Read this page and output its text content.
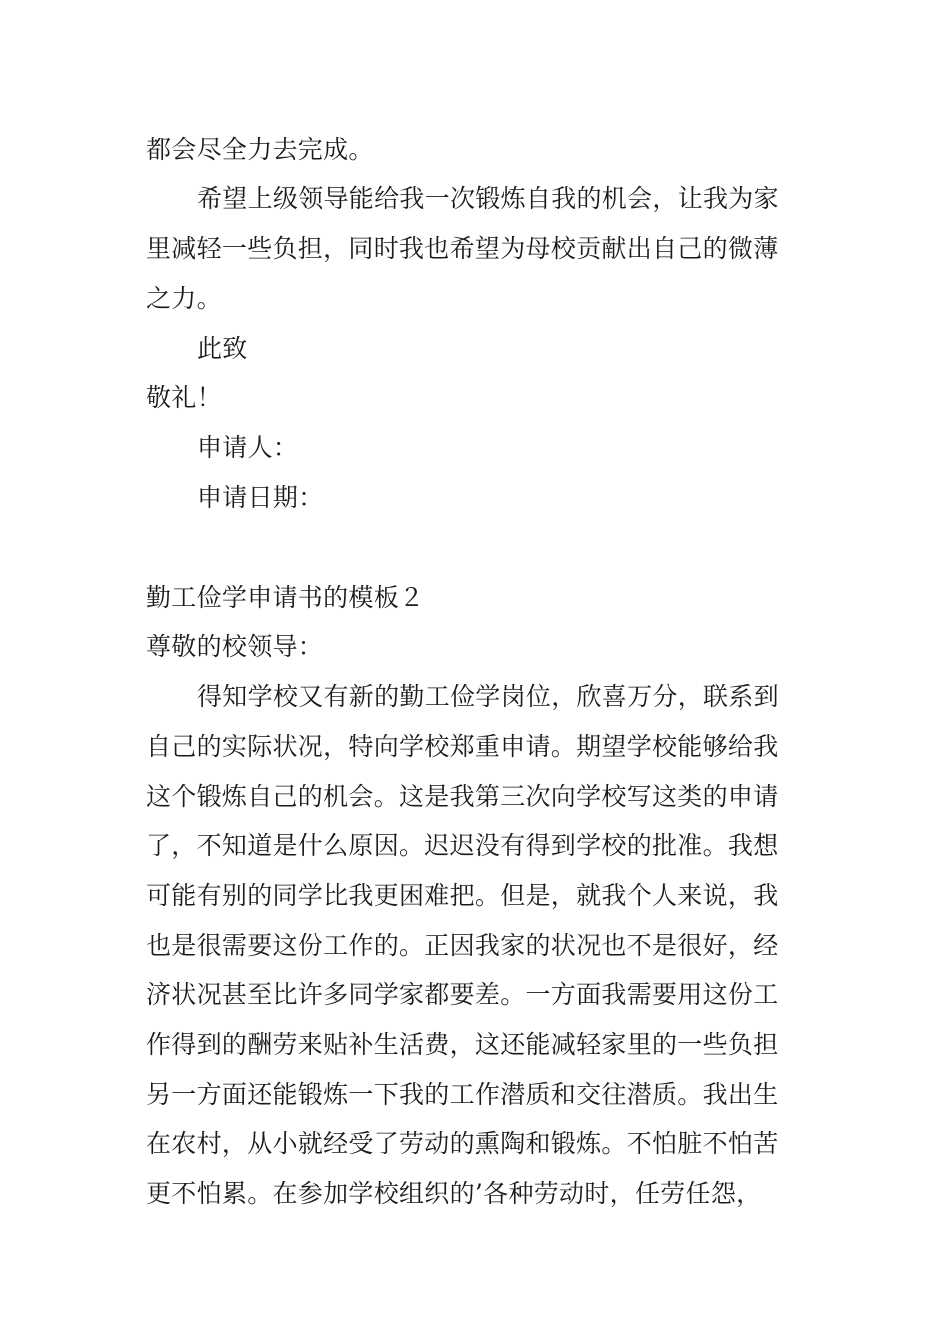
都会尽全力去完成。
希望上级领导能给我一次锻炼自我的机会，让我为家
里减轻一些负担，同时我也希望为母校贡献出自己的微薄
之力。
此致
敬礼！
申请人：
申请日期：
勤工俭学申请书的模板２
尊敬的校领导：
得知学校又有新的勤工俭学岗位，欣喜万分，联系到
自己的实际状况，特向学校郑重申请。期望学校能够给我
这个锻炼自己的机会。这是我第三次向学校写这类的申请
了，不知道是什么原因。迟迟没有得到学校的批准。我想
可能有别的同学比我更困难把。但是，就我个人来说，我
也是很需要这份工作的。正因我家的状况也不是很好，经
济状况甚至比许多同学家都要差。一方面我需要用这份工
作得到的酬劳来贴补生活费，这还能减轻家里的一些负担
另一方面还能锻炼一下我的工作潜质和交往潜质。我出生
在农村，从小就经受了劳动的熏陶和锻炼。不怕脏不怕苦
更不怕累。在参加学校组织的’各种劳动时，任劳任怨，
